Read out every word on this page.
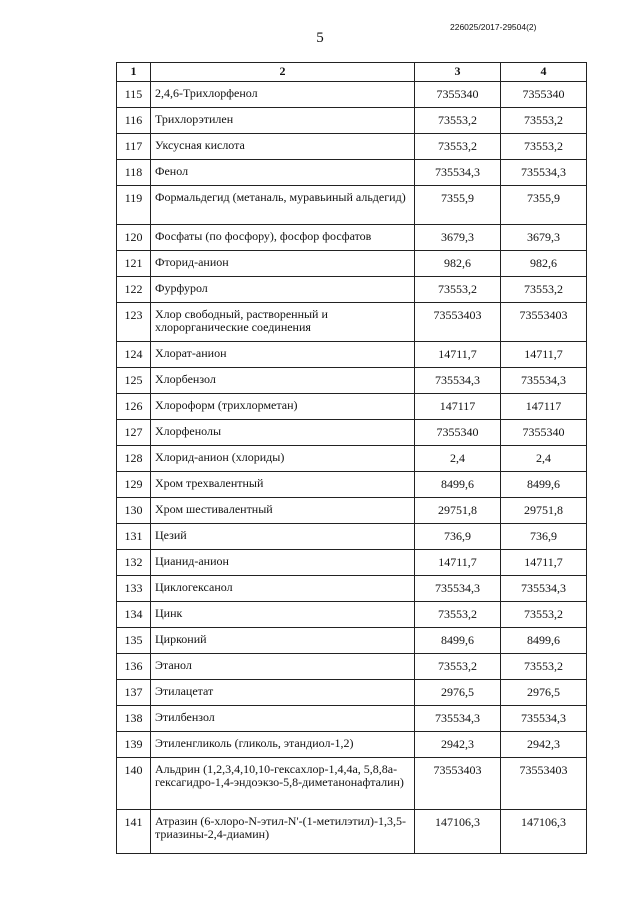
5
226025/2017-29504(2)
1	2	3	4
115	2,4,6-Трихлорфенол	7355340	7355340
116	Трихлорэтилен	73553,2	73553,2
117	Уксусная кислота	73553,2	73553,2
118	Фенол	735534,3	735534,3
119	Формальдегид (метаналь, муравьиный альдегид)	7355,9	7355,9
120	Фосфаты (по фосфору), фосфор фосфатов	3679,3	3679,3
121	Фторид-анион	982,6	982,6
122	Фурфурол	73553,2	73553,2
123	Хлор свободный, растворенный и хлорорганические соединения	73553403	73553403
124	Хлорат-анион	14711,7	14711,7
125	Хлорбензол	735534,3	735534,3
126	Хлороформ (трихлорметан)	147117	147117
127	Хлорфенолы	7355340	7355340
128	Хлорид-анион (хлориды)	2,4	2,4
129	Хром трехвалентный	8499,6	8499,6
130	Хром шестивалентный	29751,8	29751,8
131	Цезий	736,9	736,9
132	Цианид-анион	14711,7	14711,7
133	Циклогексанол	735534,3	735534,3
134	Цинк	73553,2	73553,2
135	Цирконий	8499,6	8499,6
136	Этанол	73553,2	73553,2
137	Этилацетат	2976,5	2976,5
138	Этилбензол	735534,3	735534,3
139	Этиленгликоль (гликоль, этандиол-1,2)	2942,3	2942,3
140	Альдрин (1,2,3,4,10,10-гексахлор-1,4,4а, 5,8,8а-гексагидро-1,4-эндоэкзо-5,8-диметанонафталин)	73553403	73553403
141	Атразин (6-хлоро-N-этил-N'-(1-метилэтил)-1,3,5-триазины-2,4-диамин)	147106,3	147106,3
